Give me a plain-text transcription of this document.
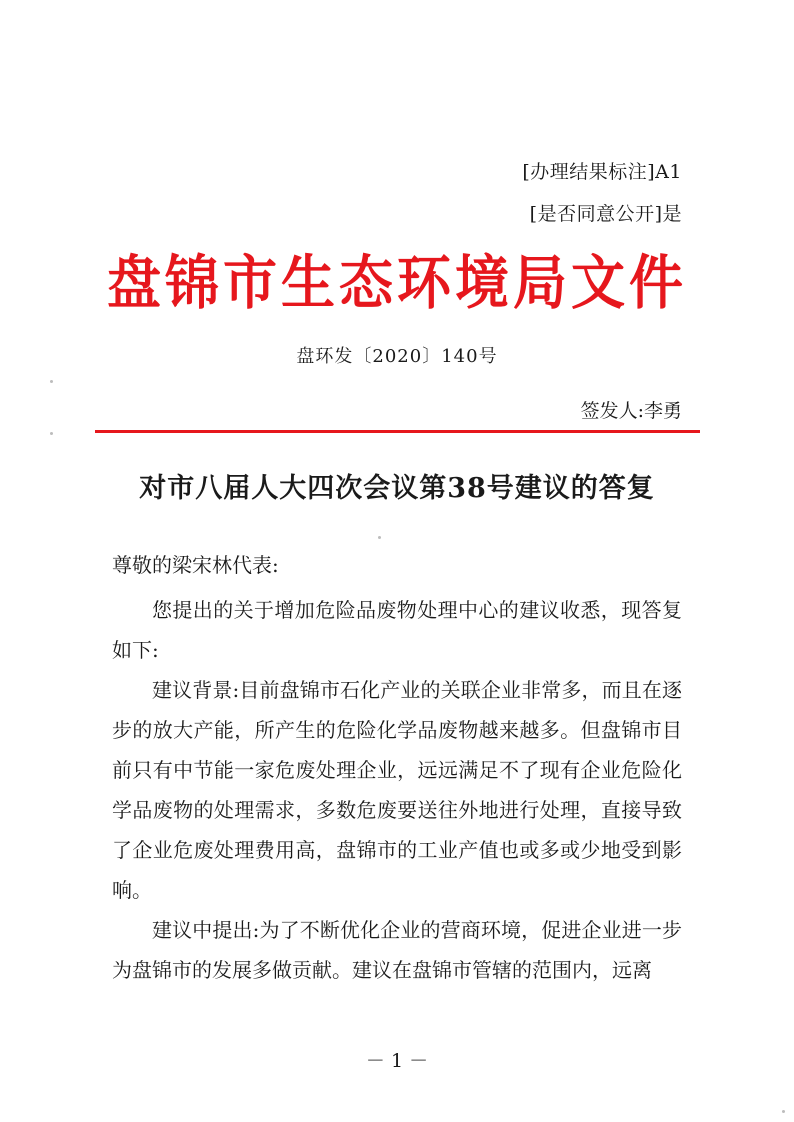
[办理结果标注]A1
[是否同意公开]是
盘锦市生态环境局文件
盘环发〔2020〕140号
签发人:李勇
对市八届人大四次会议第38号建议的答复

尊敬的梁宋林代表:

您提出的关于增加危险品废物处理中心的建议收悉，现答复如下:

建议背景:目前盘锦市石化产业的关联企业非常多，而且在逐步的放大产能，所产生的危险化学品废物越来越多。但盘锦市目前只有中节能一家危废处理企业，远远满足不了现有企业危险化学品废物的处理需求，多数危废要送往外地进行处理，直接导致了企业危废处理费用高，盘锦市的工业产值也或多或少地受到影响。

建议中提出:为了不断优化企业的营商环境，促进企业进一步为盘锦市的发展多做贡献。建议在盘锦市管辖的范围内，远离

－ 1 －
